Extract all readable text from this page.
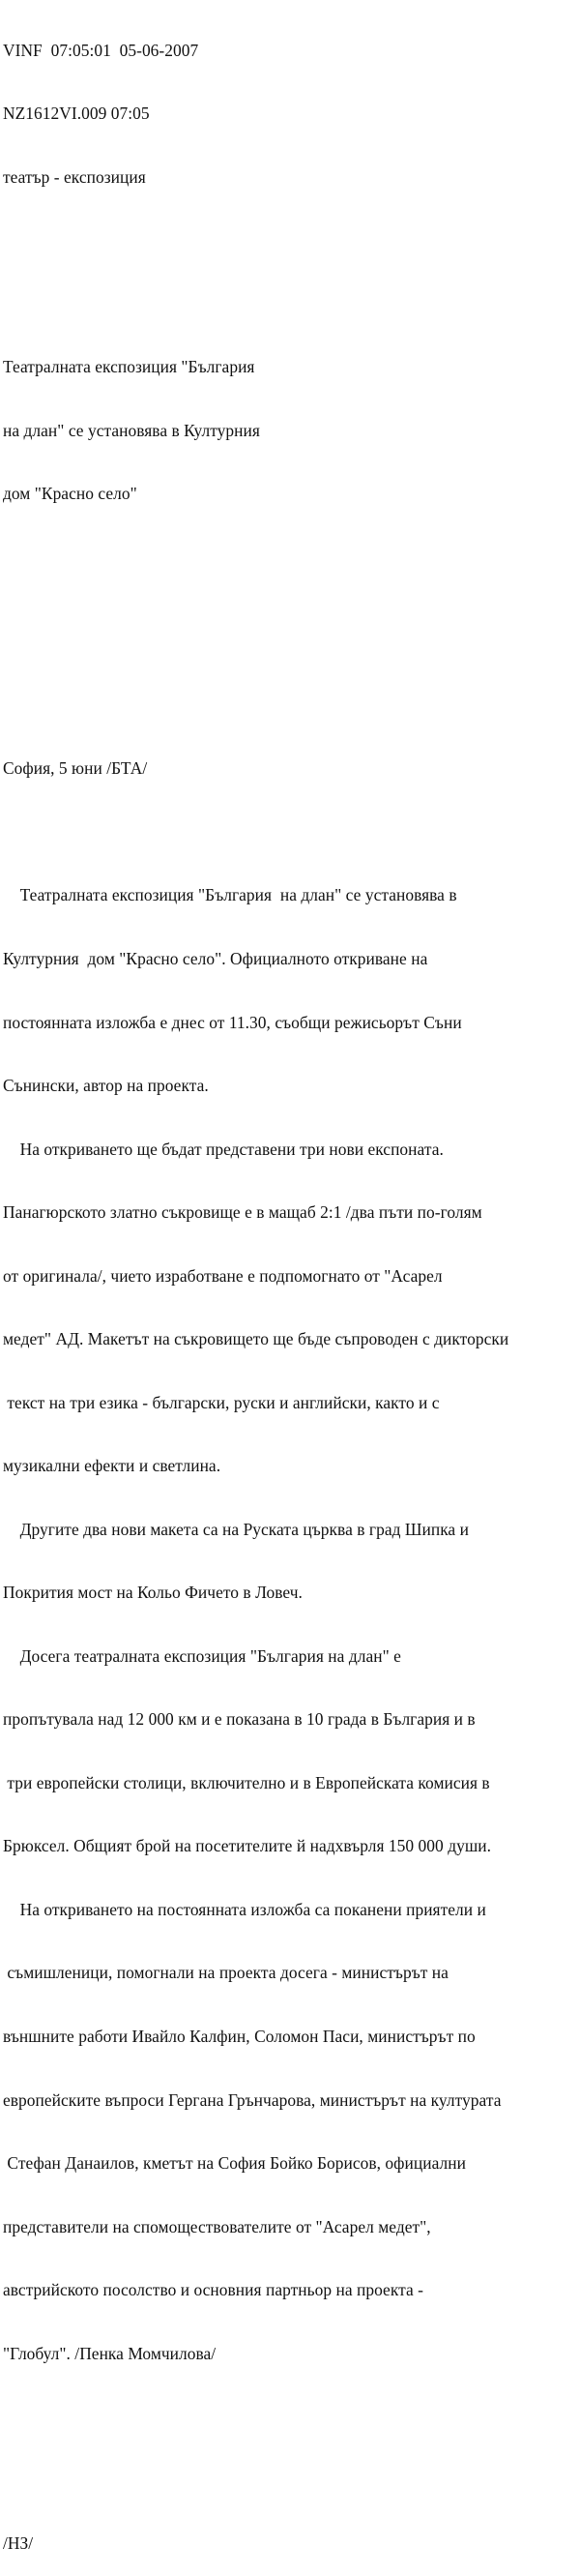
VINF  07:05:01  05-06-2007

NZ1612VI.009 07:05

театър - експозиция

Театралната експозиция "България

на длан" се установява в Културния

дом "Красно село"

София, 5 юни /БТА/

Театралната експозиция "България  на длан" се установява в

Културния  дом "Красно село". Официалното откриване на

постоянната изложба е днес от 11.30, съобщи режисьорът Съни

Сънински, автор на проекта.

На откриването ще бъдат представени три нови експоната.

Панагюрското златно съкровище е в мащаб 2:1 /два пъти по-голям

от оригинала/, чието изработване е подпомогнато от "Асарел

медет" АД. Макетът на съкровището ще бъде съпроводен с дикторски

текст на три езика - български, руски и английски, както и с

музикални ефекти и светлина.

Другите два нови макета са на Руската църква в град Шипка и

Покрития мост на Кольо Фичето в Ловеч.

Досега театралната експозиция "България на длан" е

пропътувала над 12 000 км и е показана в 10 града в България и в

три европейски столици, включително и в Европейската комисия в

Брюксел. Общият брой на посетителите й надхвърля 150 000 души.

На откриването на постоянната изложба са поканени приятели и

съмишленици, помогнали на проекта досега - министърът на

външните работи Ивайло Калфин, Соломон Паси, министърът по

европейските въпроси Гергана Грънчарова, министърът на културата

Стефан Данаилов, кметът на София Бойко Борисов, официални

представители на спомоществователите от "Асарел медет",

австрийското посолство и основния партньор на проекта -

"Глобул". /Пенка Момчилова/

/НЗ/
